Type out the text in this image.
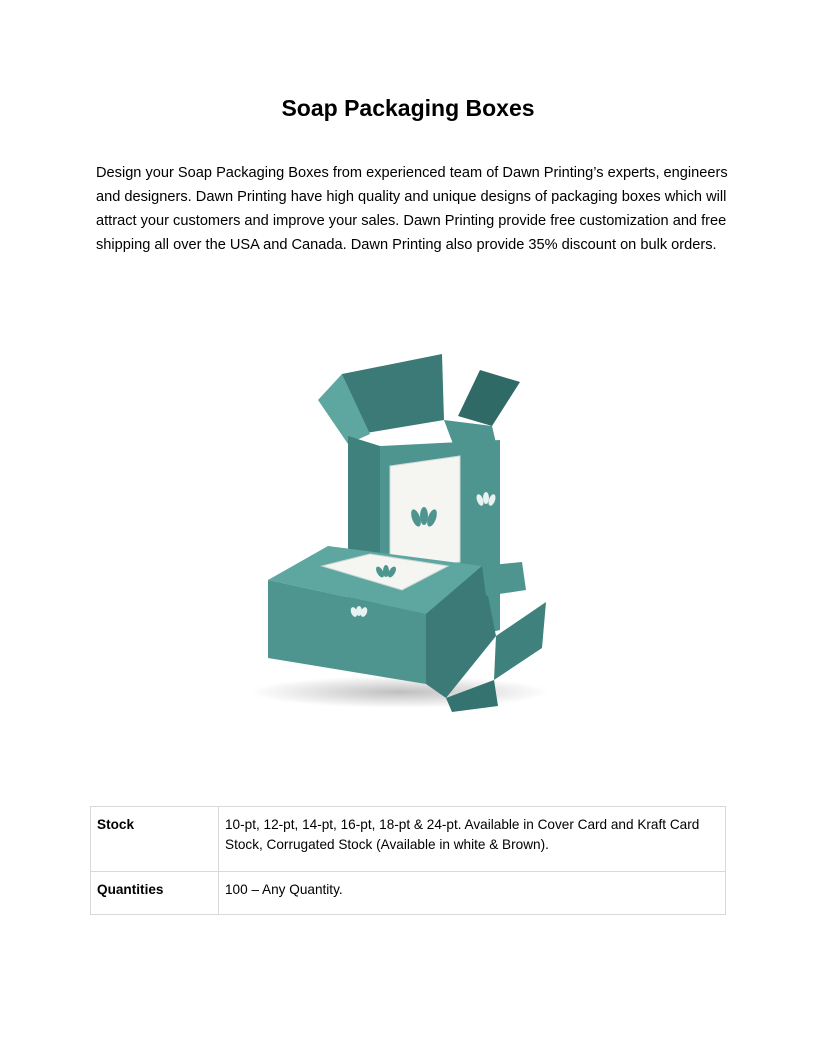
Soap Packaging Boxes

Design your Soap Packaging Boxes from experienced team of Dawn Printing’s experts, engineers and designers. Dawn Printing have high quality and unique designs of packaging boxes which will attract your customers and improve your sales. Dawn Printing provide free customization and free shipping all over the USA and Canada. Dawn Printing also provide 35% discount on bulk orders.

Stock	10-pt, 12-pt, 14-pt, 16-pt, 18-pt & 24-pt. Available in Cover Card and Kraft Card Stock, Corrugated Stock (Available in white & Brown).
Quantities	100 – Any Quantity.
